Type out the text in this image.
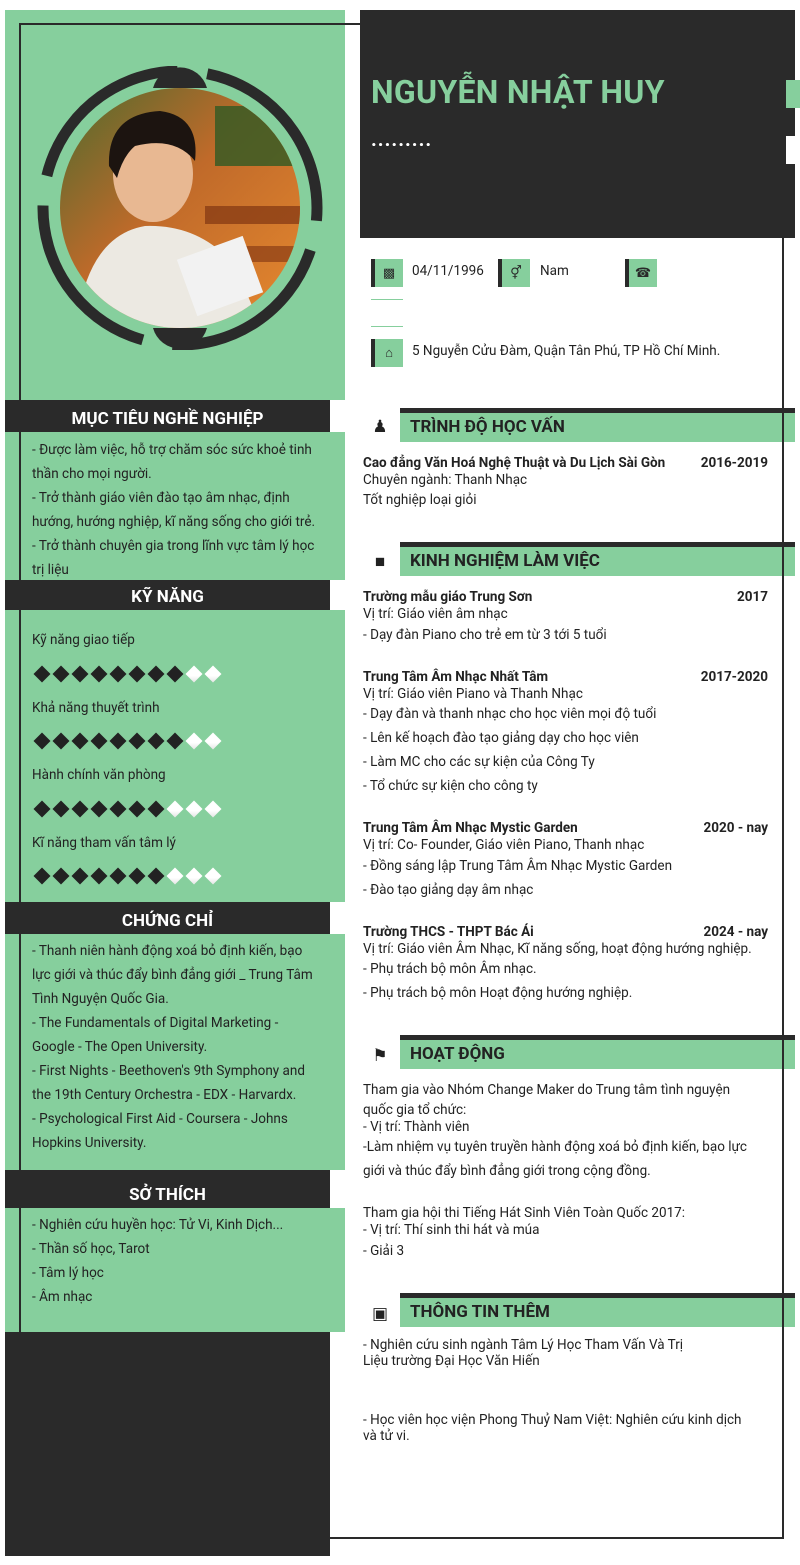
MỤC TIÊU NGHỀ NGHIỆP
- Được làm việc, hỗ trợ chăm sóc sức khoẻ tinh
thần cho mọi người.
- Trở thành giáo viên đào tạo âm nhạc, định
hướng, hướng nghiệp, kĩ năng sống cho giới trẻ.
- Trở thành chuyên gia trong lĩnh vực tâm lý học
trị liệu
KỸ NĂNG
Kỹ năng giao tiếp
Khả năng thuyết trình
Hành chính văn phòng
Kĩ năng tham vấn tâm lý
CHỨNG CHỈ
- Thanh niên hành động xoá bỏ định kiến, bạo
lực giới và thúc đẩy bình đẳng giới _ Trung Tâm
Tình Nguyện Quốc Gia.
- The Fundamentals of Digital Marketing -
Google - The Open University.
- First Nights - Beethoven's 9th Symphony and
the 19th Century Orchestra - EDX - Harvardx.
- Psychological First Aid - Coursera - Johns
Hopkins University.
SỞ THÍCH
- Nghiên cứu huyền học: Tử Vi, Kinh Dịch...
- Thần số học, Tarot
- Tâm lý học
- Âm nhạc
NGUYỄN NHẬT HUY
.........
▩	04/11/1996	⚥	Nam	☎
⌂	5 Nguyễn Cửu Đàm, Quận Tân Phú, TP Hồ Chí Minh.
♟ TRÌNH ĐỘ HỌC VẤN
Cao đẳng Văn Hoá Nghệ Thuật và Du Lịch Sài Gòn	2016-2019
Chuyên ngành: Thanh Nhạc
Tốt nghiệp loại giỏi
■	KINH NGHIỆM LÀM VIỆC
Trường mẫu giáo Trung Sơn	2017
Vị trí: Giáo viên âm nhạc
- Dạy đàn Piano cho trẻ em từ 3 tới 5 tuổi
Trung Tâm Âm Nhạc Nhất Tâm	2017-2020
Vị trí: Giáo viên Piano và Thanh Nhạc
- Dạy đàn và thanh nhạc cho học viên mọi độ tuổi
- Lên kế hoạch đào tạo giảng dạy cho học viên
- Làm MC cho các sự kiện của Công Ty
- Tổ chức sự kiện cho công ty
Trung Tâm Âm Nhạc Mystic Garden	2020 - nay
Vị trí: Co- Founder, Giáo viên Piano, Thanh nhạc
- Đồng sáng lập Trung Tâm Âm Nhạc Mystic Garden
- Đào tạo giảng dạy âm nhạc
Trường THCS - THPT Bác Ái	2024 - nay
Vị trí: Giáo viên Âm Nhạc, Kĩ năng sống, hoạt động hướng nghiệp.
- Phụ trách bộ môn Âm nhạc.
- Phụ trách bộ môn Hoạt động hướng nghiệp.
⚑ HOẠT ĐỘNG
Tham gia vào Nhóm Change Maker do Trung tâm tình nguyện
quốc gia tổ chức:
- Vị trí: Thành viên
-Làm nhiệm vụ tuyên truyền hành động xoá bỏ định kiến, bạo lực
giới và thúc đẩy bình đẳng giới trong cộng đồng.
Tham gia hội thi Tiếng Hát Sinh Viên Toàn Quốc 2017:
- Vị trí: Thí sinh thi hát và múa
- Giải 3
▣ THÔNG TIN THÊM
- Nghiên cứu sinh ngành Tâm Lý Học Tham Vấn Và Trị
Liệu trường Đại Học Văn Hiến
- Học viên học viện Phong Thuỷ Nam Việt: Nghiên cứu kinh dịch
và tử vi.
